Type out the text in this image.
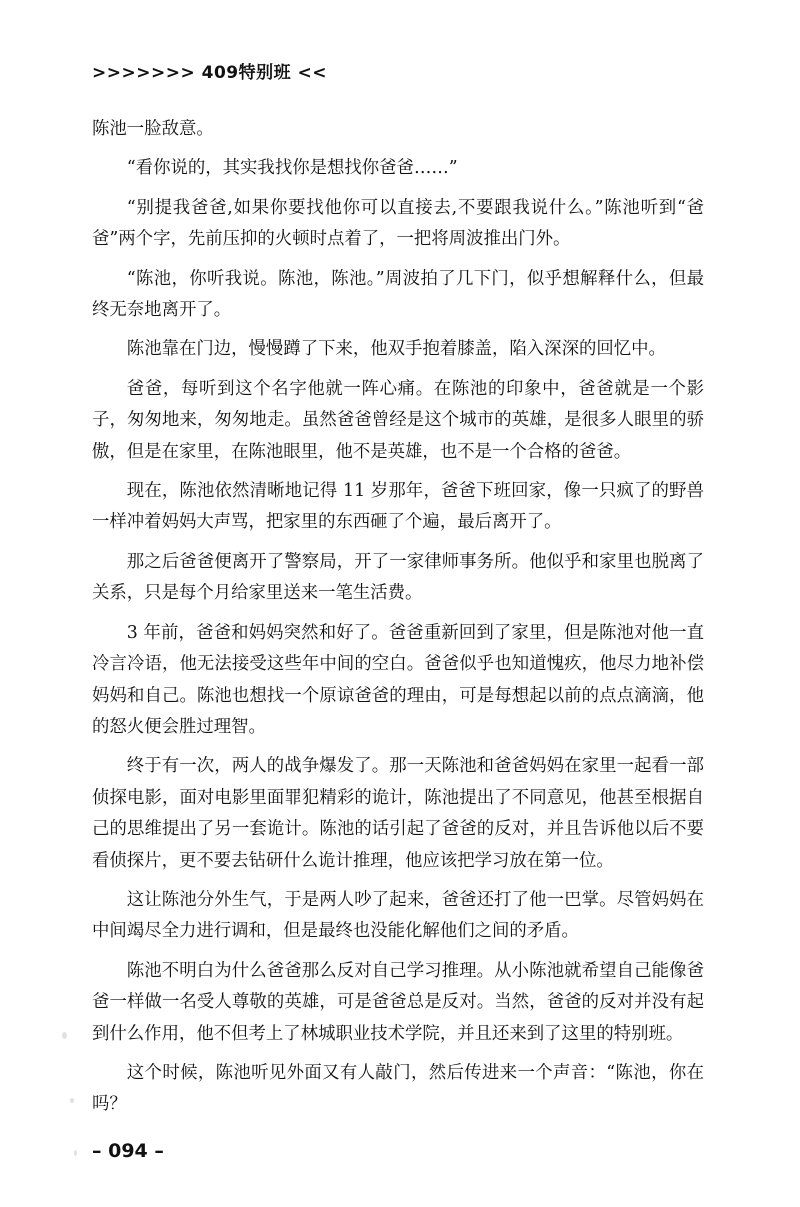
>>>>>>> 409特别班 <<

陈池一脸敌意。

“看你说的，其实我找你是想找你爸爸……”

“别提我爸爸,如果你要找他你可以直接去,不要跟我说什么。”陈池听到“爸爸”两个字，先前压抑的火顿时点着了，一把将周波推出门外。

“陈池，你听我说。陈池，陈池。”周波拍了几下门，似乎想解释什么，但最终无奈地离开了。

陈池靠在门边，慢慢蹲了下来，他双手抱着膝盖，陷入深深的回忆中。

爸爸，每听到这个名字他就一阵心痛。在陈池的印象中，爸爸就是一个影子，匆匆地来，匆匆地走。虽然爸爸曾经是这个城市的英雄，是很多人眼里的骄傲，但是在家里，在陈池眼里，他不是英雄，也不是一个合格的爸爸。

现在，陈池依然清晰地记得 11 岁那年，爸爸下班回家，像一只疯了的野兽一样冲着妈妈大声骂，把家里的东西砸了个遍，最后离开了。

那之后爸爸便离开了警察局，开了一家律师事务所。他似乎和家里也脱离了关系，只是每个月给家里送来一笔生活费。

3 年前，爸爸和妈妈突然和好了。爸爸重新回到了家里，但是陈池对他一直冷言冷语，他无法接受这些年中间的空白。爸爸似乎也知道愧疚，他尽力地补偿妈妈和自己。陈池也想找一个原谅爸爸的理由，可是每想起以前的点点滴滴，他的怒火便会胜过理智。

终于有一次，两人的战争爆发了。那一天陈池和爸爸妈妈在家里一起看一部侦探电影，面对电影里面罪犯精彩的诡计，陈池提出了不同意见，他甚至根据自己的思维提出了另一套诡计。陈池的话引起了爸爸的反对，并且告诉他以后不要看侦探片，更不要去钻研什么诡计推理，他应该把学习放在第一位。

这让陈池分外生气，于是两人吵了起来，爸爸还打了他一巴掌。尽管妈妈在中间竭尽全力进行调和，但是最终也没能化解他们之间的矛盾。

陈池不明白为什么爸爸那么反对自己学习推理。从小陈池就希望自己能像爸爸一样做一名受人尊敬的英雄，可是爸爸总是反对。当然，爸爸的反对并没有起到什么作用，他不但考上了林城职业技术学院，并且还来到了这里的特别班。

这个时候，陈池听见外面又有人敲门，然后传进来一个声音：“陈池，你在吗？

– 094 –
